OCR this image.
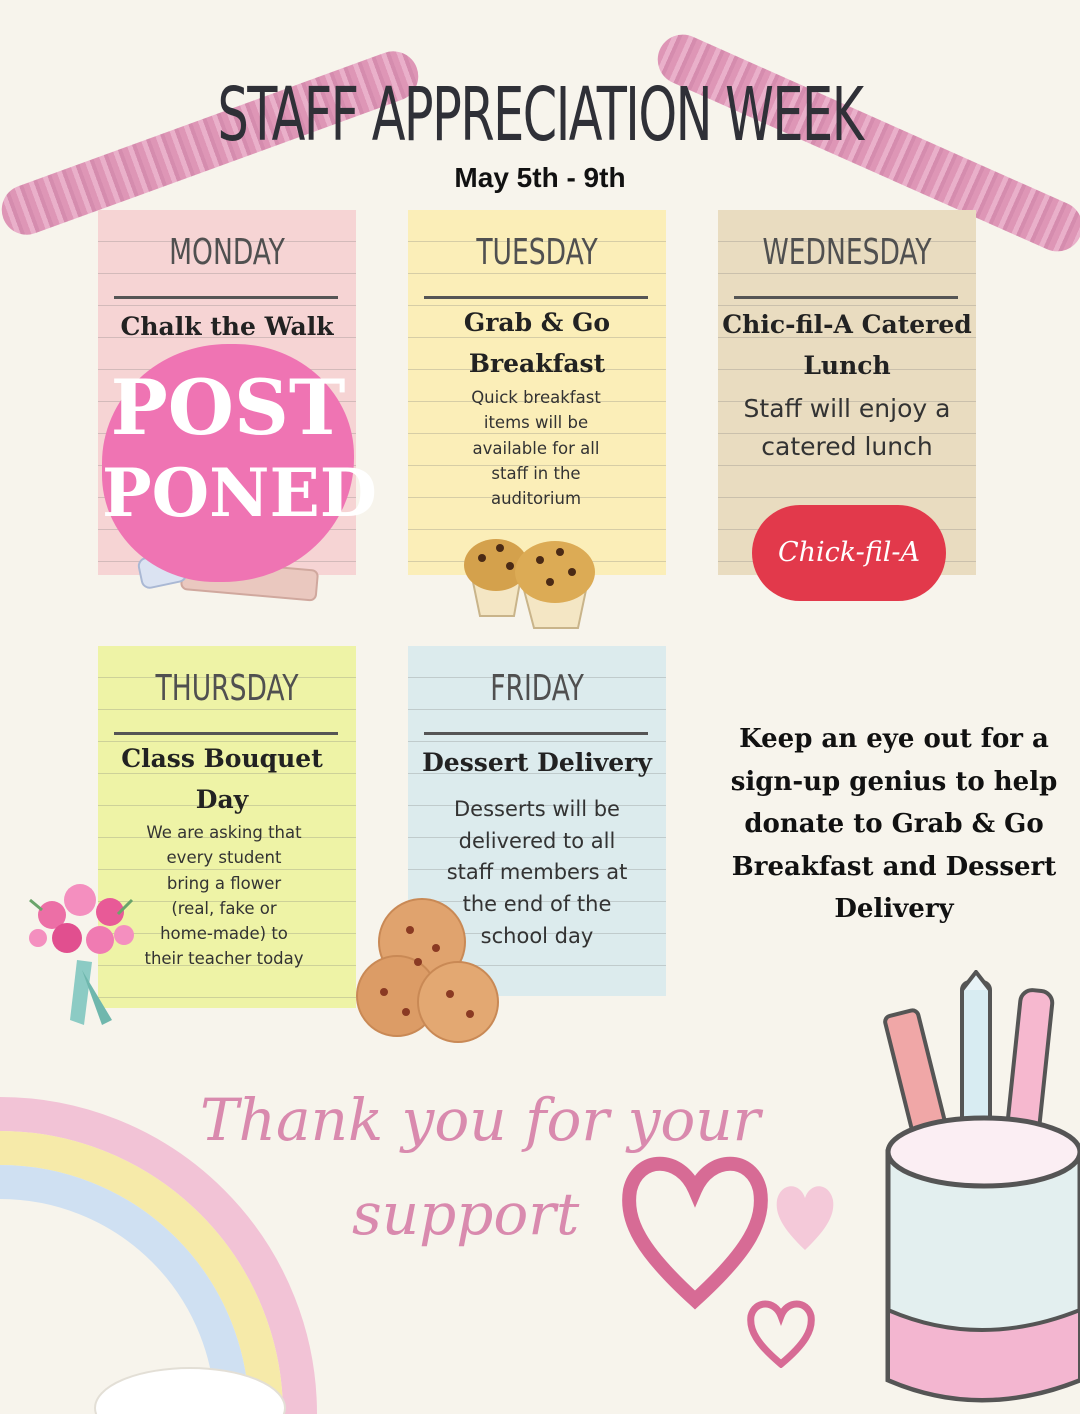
STAFF APPRECIATION WEEK
May 5th - 9th
MONDAY
Chalk the Walk
POST
PONED
TUESDAY
Grab & Go Breakfast
Quick breakfast items will be available for all staff in the auditorium
WEDNESDAY
Chic-fil-A Catered Lunch
Staff will enjoy a catered lunch
Chick-fil-A
THURSDAY
Class Bouquet Day
We are asking that every student bring a flower (real, fake or home-made) to their teacher today
FRIDAY
Dessert Delivery
Desserts will be delivered to all staff members at the end of the school day
Keep an eye out for a sign-up genius to help donate to Grab & Go Breakfast and Dessert Delivery
Thank you for your
support
